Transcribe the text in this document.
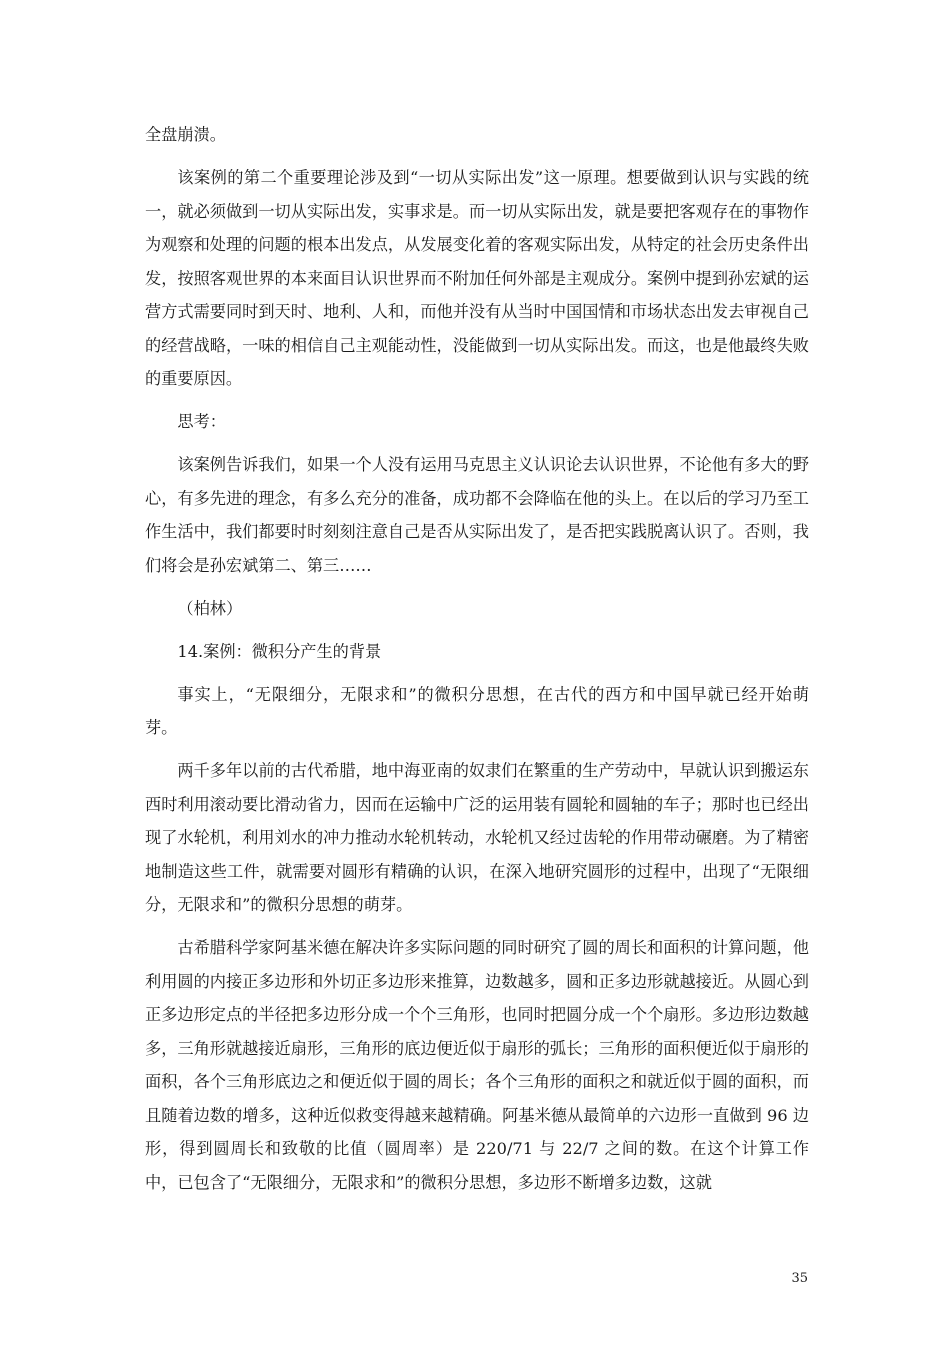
全盘崩溃。

该案例的第二个重要理论涉及到“一切从实际出发”这一原理。想要做到认识与实践的统一，就必须做到一切从实际出发，实事求是。而一切从实际出发，就是要把客观存在的事物作为观察和处理的问题的根本出发点，从发展变化着的客观实际出发，从特定的社会历史条件出发，按照客观世界的本来面目认识世界而不附加任何外部是主观成分。案例中提到孙宏斌的运营方式需要同时到天时、地利、人和，而他并没有从当时中国国情和市场状态出发去审视自己的经营战略，一味的相信自己主观能动性，没能做到一切从实际出发。而这，也是他最终失败的重要原因。

思考：

该案例告诉我们，如果一个人没有运用马克思主义认识论去认识世界，不论他有多大的野心，有多先进的理念，有多么充分的准备，成功都不会降临在他的头上。在以后的学习乃至工作生活中，我们都要时时刻刻注意自己是否从实际出发了，是否把实践脱离认识了。否则，我们将会是孙宏斌第二、第三……

（柏林）

14.案例：微积分产生的背景

事实上，“无限细分，无限求和”的微积分思想，在古代的西方和中国早就已经开始萌芽。

两千多年以前的古代希腊，地中海亚南的奴隶们在繁重的生产劳动中，早就认识到搬运东西时利用滚动要比滑动省力，因而在运输中广泛的运用装有圆轮和圆轴的车子；那时也已经出现了水轮机，利用刘水的冲力推动水轮机转动，水轮机又经过齿轮的作用带动碾磨。为了精密地制造这些工件，就需要对圆形有精确的认识，在深入地研究圆形的过程中，出现了“无限细分，无限求和”的微积分思想的萌芽。

古希腊科学家阿基米德在解决许多实际问题的同时研究了圆的周长和面积的计算问题，他利用圆的内接正多边形和外切正多边形来推算，边数越多，圆和正多边形就越接近。从圆心到正多边形定点的半径把多边形分成一个个三角形，也同时把圆分成一个个扇形。多边形边数越多，三角形就越接近扇形，三角形的底边便近似于扇形的弧长；三角形的面积便近似于扇形的面积，各个三角形底边之和便近似于圆的周长；各个三角形的面积之和就近似于圆的面积，而且随着边数的增多，这种近似救变得越来越精确。阿基米德从最简单的六边形一直做到 96 边形，得到圆周长和致敬的比值（圆周率）是 220/71 与 22/7 之间的数。在这个计算工作中，已包含了“无限细分，无限求和”的微积分思想，多边形不断增多边数，这就

35
